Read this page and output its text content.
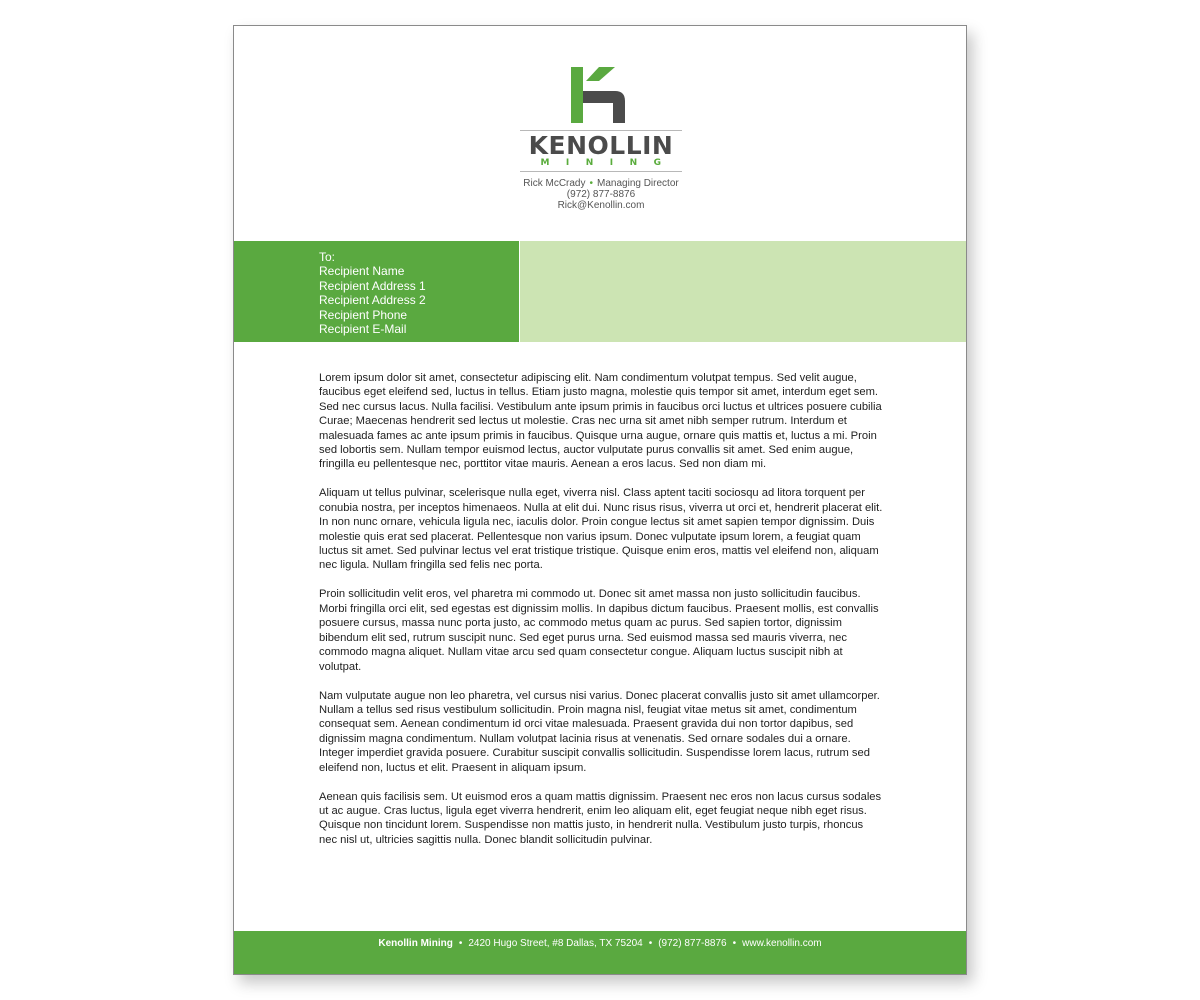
KENOLLIN
MINING
Rick McCrady • Managing Director
(972) 877-8876
Rick@Kenollin.com
To:
Recipient Name
Recipient Address 1
Recipient Address 2
Recipient Phone
Recipient E-Mail

Lorem ipsum dolor sit amet, consectetur adipiscing elit. Nam condimentum volutpat tempus. Sed velit augue, faucibus eget eleifend sed, luctus in tellus. Etiam justo magna, molestie quis tempor sit amet, interdum eget sem. Sed nec cursus lacus. Nulla facilisi. Vestibulum ante ipsum primis in faucibus orci luctus et ultrices posuere cubilia Curae; Maecenas hendrerit sed lectus ut molestie. Cras nec urna sit amet nibh semper rutrum. Interdum et malesuada fames ac ante ipsum primis in faucibus. Quisque urna augue, ornare quis mattis et, luctus a mi. Proin sed lobortis sem. Nullam tempor euismod lectus, auctor vulputate purus convallis sit amet. Sed enim augue, fringilla eu pellentesque nec, porttitor vitae mauris. Aenean a eros lacus. Sed non diam mi.

Aliquam ut tellus pulvinar, scelerisque nulla eget, viverra nisl. Class aptent taciti sociosqu ad litora torquent per conubia nostra, per inceptos himenaeos. Nulla at elit dui. Nunc risus risus, viverra ut orci et, hendrerit placerat elit. In non nunc ornare, vehicula ligula nec, iaculis dolor. Proin congue lectus sit amet sapien tempor dignissim. Duis molestie quis erat sed placerat. Pellentesque non varius ipsum. Donec vulputate ipsum lorem, a feugiat quam luctus sit amet. Sed pulvinar lectus vel erat tristique tristique. Quisque enim eros, mattis vel eleifend non, aliquam nec ligula. Nullam fringilla sed felis nec porta.

Proin sollicitudin velit eros, vel pharetra mi commodo ut. Donec sit amet massa non justo sollicitudin faucibus. Morbi fringilla orci elit, sed egestas est dignissim mollis. In dapibus dictum faucibus. Praesent mollis, est convallis posuere cursus, massa nunc porta justo, ac commodo metus quam ac purus. Sed sapien tortor, dignissim bibendum elit sed, rutrum suscipit nunc. Sed eget purus urna. Sed euismod massa sed mauris viverra, nec commodo magna aliquet. Nullam vitae arcu sed quam consectetur congue. Aliquam luctus suscipit nibh at volutpat.

Nam vulputate augue non leo pharetra, vel cursus nisi varius. Donec placerat convallis justo sit amet ullamcorper. Nullam a tellus sed risus vestibulum sollicitudin. Proin magna nisl, feugiat vitae metus sit amet, condimentum consequat sem. Aenean condimentum id orci vitae malesuada. Praesent gravida dui non tortor dapibus, sed dignissim magna condimentum. Nullam volutpat lacinia risus at venenatis. Sed ornare sodales dui a ornare. Integer imperdiet gravida posuere. Curabitur suscipit convallis sollicitudin. Suspendisse lorem lacus, rutrum sed eleifend non, luctus et elit. Praesent in aliquam ipsum.

Aenean quis facilisis sem. Ut euismod eros a quam mattis dignissim. Praesent nec eros non lacus cursus sodales ut ac augue. Cras luctus, ligula eget viverra hendrerit, enim leo aliquam elit, eget feugiat neque nibh eget risus. Quisque non tincidunt lorem. Suspendisse non mattis justo, in hendrerit nulla. Vestibulum justo turpis, rhoncus nec nisl ut, ultricies sagittis nulla. Donec blandit sollicitudin pulvinar.

Kenollin Mining • 2420 Hugo Street, #8 Dallas, TX 75204 • (972) 877-8876 • www.kenollin.com
